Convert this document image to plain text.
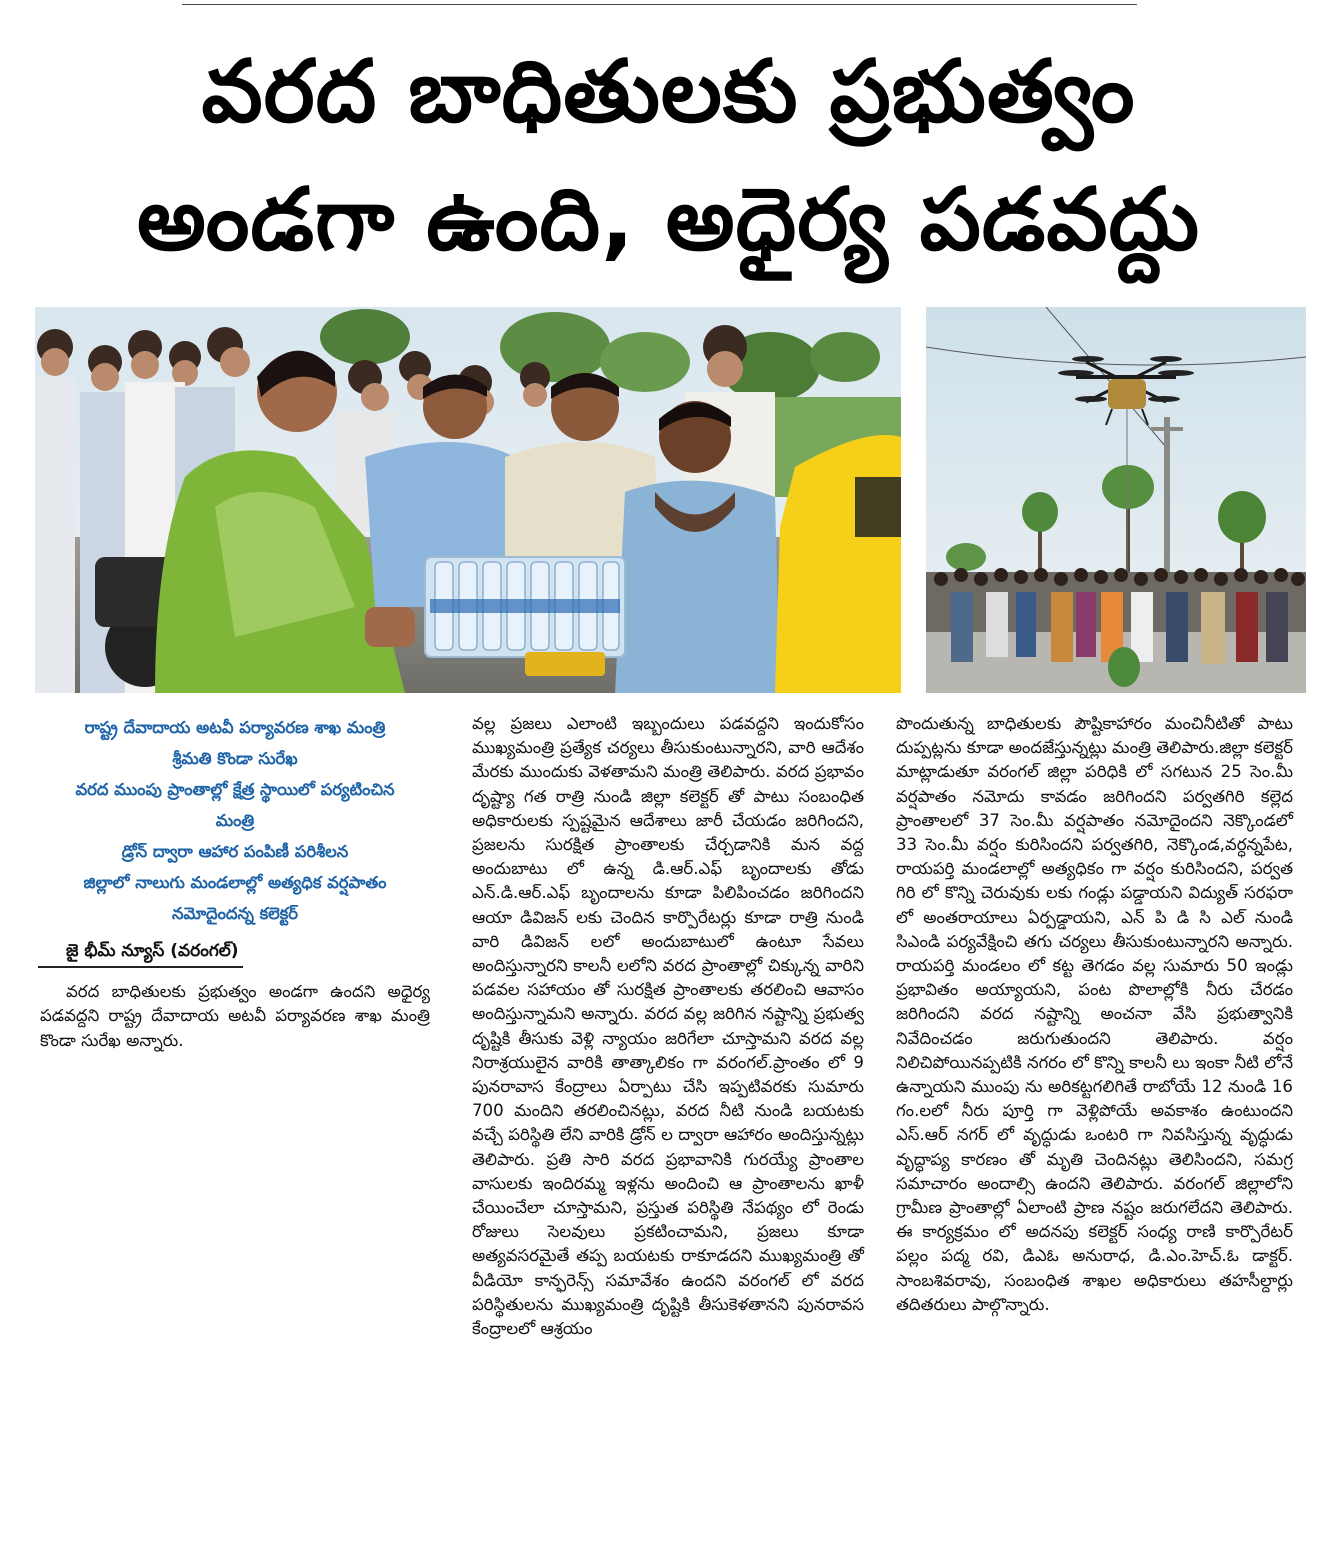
వరద బాధితులకు ప్రభుత్వం
అండగా ఉంది, అధైర్య పడవద్దు
రాష్ట్ర దేవాదాయ అటవీ పర్యావరణ శాఖ మంత్రి
శ్రీమతి కొండా సురేఖ
వరద ముంపు ప్రాంతాల్లో క్షేత్ర స్థాయిలో పర్యటించిన
మంత్రి
డ్రోన్ ద్వారా ఆహార పంపిణీ పరిశీలన
జిల్లాలో నాలుగు మండలాల్లో అత్యధిక వర్షపాతం
నమోదైందన్న కలెక్టర్
జై భీమ్ న్యూస్ (వరంగల్)

వరద బాధితులకు ప్రభుత్వం అండగా ఉందని అధైర్య పడవద్దని రాష్ట్ర దేవాదాయ అటవీ పర్యావరణ శాఖ మంత్రి కొండా సురేఖ అన్నారు.

వల్ల ప్రజలు ఎలాంటి ఇబ్బందులు పడవద్దని ఇందుకోసం ముఖ్యమంత్రి ప్రత్యేక చర్యలు తీసుకుంటున్నారని, వారి ఆదేశం మేరకు ముందుకు వెళతామని మంత్రి తెలిపారు. వరద ప్రభావం దృష్ట్యా గత రాత్రి నుండి జిల్లా కలెక్టర్ తో పాటు సంబంధిత అధికారులకు స్పష్టమైన ఆదేశాలు జారీ చేయడం జరిగిందని, ప్రజలను సురక్షిత ప్రాంతాలకు చేర్చడానికి మన వద్ద అందుబాటు లో ఉన్న డి.ఆర్.ఎఫ్ బృందాలకు తోడు ఎన్.డి.ఆర్.ఎఫ్ బృందాలను కూడా పిలిపించడం జరిగిందని ఆయా డివిజన్ లకు చెందిన కార్పొరేటర్లు కూడా రాత్రి నుండి వారి డివిజన్ లలో అందుబాటులో ఉంటూ సేవలు అందిస్తున్నారని కాలనీ లలోని వరద ప్రాంతాల్లో చిక్కున్న వారిని పడవల సహాయం తో సురక్షిత ప్రాంతాలకు తరలించి ఆవాసం అందిస్తున్నామని అన్నారు. వరద వల్ల జరిగిన నష్టాన్ని ప్రభుత్వ దృష్టికి తీసుకు వెళ్లి న్యాయం జరిగేలా చూస్తామని వరద వల్ల నిరాశ్రయులైన వారికి తాత్కాలికం గా వరంగల్.ప్రాంతం లో 9 పునరావాస కేంద్రాలు ఏర్పాటు చేసి ఇప్పటివరకు సుమారు 700 మందిని తరలించినట్లు, వరద నీటి నుండి బయటకు వచ్చే పరిస్థితి లేని వారికి డ్రోన్ ల ద్వారా ఆహారం అందిస్తున్నట్లు తెలిపారు. ప్రతి సారి వరద ప్రభావానికి గురయ్యే ప్రాంతాల వాసులకు ఇందిరమ్మ ఇళ్లను అందించి ఆ ప్రాంతాలను ఖాళీ చేయించేలా చూస్తామని, ప్రస్తుత పరిస్థితి నేపథ్యం లో రెండు రోజులు సెలవులు ప్రకటించామని, ప్రజలు కూడా అత్యవసరమైతే తప్ప బయటకు రాకూడదని ముఖ్యమంత్రి తో వీడియో కాన్ఫరెన్స్ సమావేశం ఉందని వరంగల్ లో వరద పరిస్థితులను ముఖ్యమంత్రి దృష్టికి తీసుకెళతానని పునరావస కేంద్రాలలో ఆశ్రయం

పొందుతున్న బాధితులకు పౌష్టికాహారం మంచినీటితో పాటు దుప్పట్లను కూడా అందజేస్తున్నట్లు మంత్రి తెలిపారు.జిల్లా కలెక్టర్ మాట్లాడుతూ వరంగల్ జిల్లా పరిధికి లో సగటున 25 సెం.మీ వర్షపాతం నమోదు కావడం జరిగిందని పర్వతగిరి కల్లెద ప్రాంతాలలో 37 సెం.మీ వర్షపాతం నమోదైందని నెక్కొండలో 33 సెం.మీ వర్షం కురిసిందని పర్వతగిరి, నెక్కొండ,వర్ధన్నపేట, రాయపర్తి మండలాల్లో అత్యధికం గా వర్షం కురిసిందని, పర్వత గిరి లో కొన్ని చెరువుకు లకు గండ్లు పడ్డాయని విద్యుత్ సరఫరా లో అంతరాయాలు ఏర్పడ్డాయని, ఎన్ పి డి సి ఎల్ నుండి సిఎండి పర్యవేక్షించి తగు చర్యలు తీసుకుంటున్నారని అన్నారు. రాయపర్తి మండలం లో కట్ట తెగడం వల్ల సుమారు 50 ఇండ్లు ప్రభావితం అయ్యాయని, పంట పొలాల్లోకి నీరు చేరడం జరిగిందని వరద నష్టాన్ని అంచనా వేసి ప్రభుత్వానికి నివేదించడం జరుగుతుందని తెలిపారు. వర్షం నిలిచిపోయినప్పటికి నగరం లో కొన్ని కాలనీ లు ఇంకా నీటి లోనే ఉన్నాయని ముంపు ను అరికట్టగలిగితే రాబోయే 12 నుండి 16 గం.లలో నీరు పూర్తి గా వెళ్లిపోయే అవకాశం ఉంటుందని ఎస్.ఆర్ నగర్ లో వృద్ధుడు ఒంటరి గా నివసిస్తున్న వృద్ధుడు వృద్ధాప్య కారణం తో మృతి చెందినట్లు తెలిసిందని, సమగ్ర సమాచారం అందాల్సి ఉందని తెలిపారు. వరంగల్ జిల్లాలోని గ్రామీణ ప్రాంతాల్లో ఏలాంటి ప్రాణ నష్టం జరుగలేదని తెలిపారు. ఈ కార్యక్రమం లో అదనపు కలెక్టర్ సంధ్య రాణి కార్పొరేటర్ పల్లం పద్మ రవి, డిఎఓ అనురాధ, డి.ఎం.హెచ్.ఓ డాక్టర్. సాంబశివరావు, సంబంధిత శాఖల అధికారులు తహసీల్దార్లు తదితరులు పాల్గొన్నారు.
